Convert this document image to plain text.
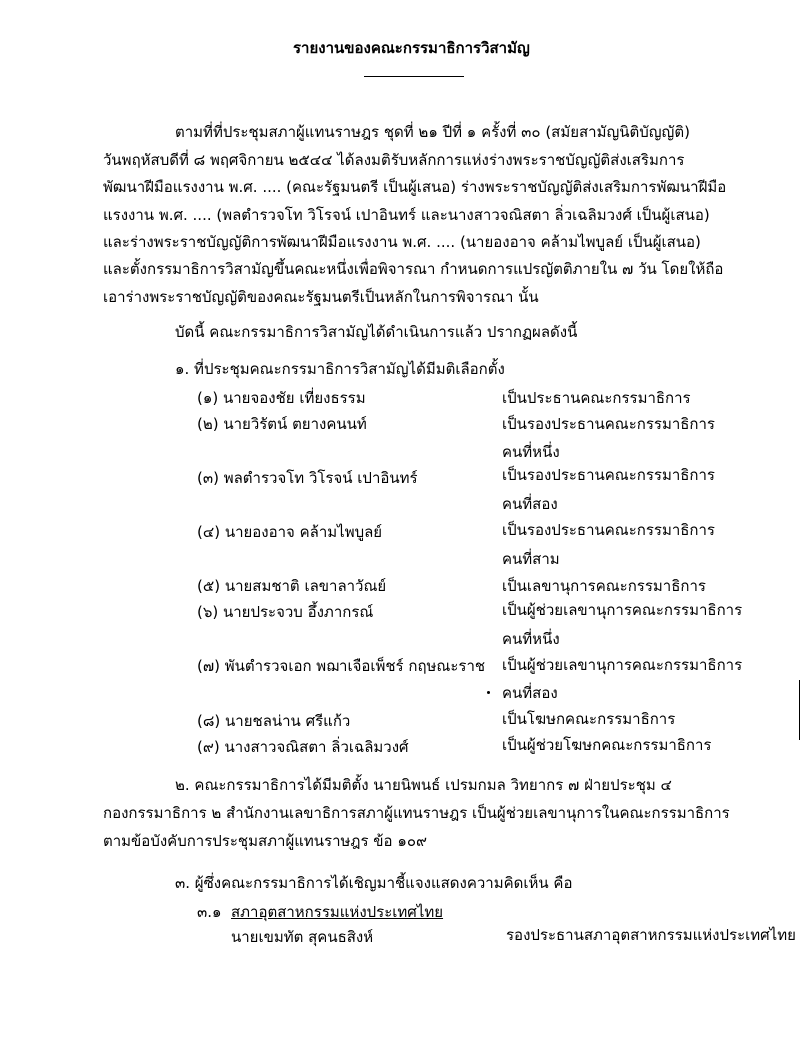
รายงานของคณะกรรมาธิการวิสามัญ
ตามที่ที่ประชุมสภาผู้แทนราษฎร ชุดที่ ๒๑ ปีที่ ๑ ครั้งที่ ๓๐ (สมัยสามัญนิติบัญญัติ)
วันพฤหัสบดีที่ ๘ พฤศจิกายน ๒๕๔๔ ได้ลงมติรับหลักการแห่งร่างพระราชบัญญัติส่งเสริมการ
พัฒนาฝีมือแรงงาน พ.ศ. .... (คณะรัฐมนตรี เป็นผู้เสนอ) ร่างพระราชบัญญัติส่งเสริมการพัฒนาฝีมือ
แรงงาน พ.ศ. .... (พลตำรวจโท วิโรจน์ เปาอินทร์ และนางสาวจณิสตา ลิ่วเฉลิมวงศ์ เป็นผู้เสนอ)
และร่างพระราชบัญญัติการพัฒนาฝีมือแรงงาน พ.ศ. .... (นายองอาจ คล้ามไพบูลย์ เป็นผู้เสนอ)
และตั้งกรรมาธิการวิสามัญขึ้นคณะหนึ่งเพื่อพิจารณา กำหนดการแปรญัตติภายใน ๗ วัน โดยให้ถือ
เอาร่างพระราชบัญญัติของคณะรัฐมนตรีเป็นหลักในการพิจารณา นั้น
บัดนี้ คณะกรรมาธิการวิสามัญได้ดำเนินการแล้ว ปรากฏผลดังนี้
๑. ที่ประชุมคณะกรรมาธิการวิสามัญได้มีมติเลือกตั้ง
(๑) นายจองชัย เที่ยงธรรม	เป็นประธานคณะกรรมาธิการ
(๒) นายวิรัตน์ ตยางคนนท์	เป็นรองประธานคณะกรรมาธิการ
คนที่หนึ่ง
(๓) พลตำรวจโท วิโรจน์ เปาอินทร์	เป็นรองประธานคณะกรรมาธิการ
คนที่สอง
(๔) นายองอาจ คล้ามไพบูลย์	เป็นรองประธานคณะกรรมาธิการ
คนที่สาม
(๕) นายสมชาติ เลขาลาวัณย์	เป็นเลขานุการคณะกรรมาธิการ
(๖) นายประจวบ อึ้งภากรณ์	เป็นผู้ช่วยเลขานุการคณะกรรมาธิการ
คนที่หนึ่ง
(๗) พันตำรวจเอก พฌาเจือเพ็ชร์ กฤษณะราช เป็นผู้ช่วยเลขานุการคณะกรรมาธิการ
คนที่สอง
(๘) นายชลน่าน ศรีแก้ว	เป็นโฆษกคณะกรรมาธิการ
(๙) นางสาวจณิสตา ลิ่วเฉลิมวงศ์	เป็นผู้ช่วยโฆษกคณะกรรมาธิการ
๒. คณะกรรมาธิการได้มีมติตั้ง นายนิพนธ์ เปรมกมล วิทยากร ๗ ฝ่ายประชุม ๔
กองกรรมาธิการ ๒ สำนักงานเลขาธิการสภาผู้แทนราษฎร เป็นผู้ช่วยเลขานุการในคณะกรรมาธิการ
ตามข้อบังคับการประชุมสภาผู้แทนราษฎร ข้อ ๑๐๙
๓. ผู้ซึ่งคณะกรรมาธิการได้เชิญมาชี้แจงแสดงความคิดเห็น คือ
๓.๑ สภาอุตสาหกรรมแห่งประเทศไทย
นายเขมทัต สุคนธสิงห์	รองประธานสภาอุตสาหกรรมแห่งประเทศไทย
